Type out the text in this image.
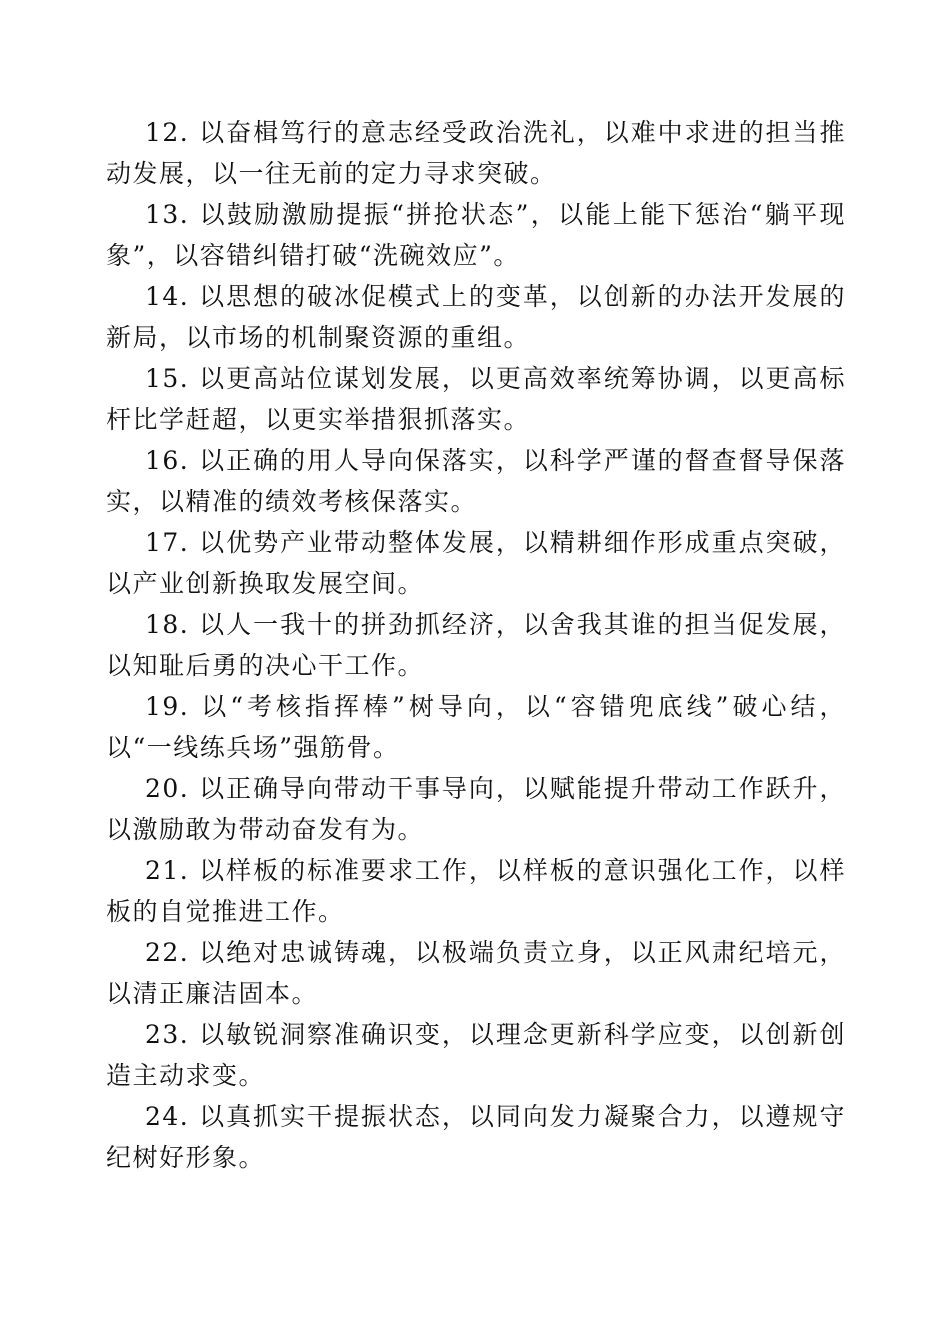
12. 以奋楫笃行的意志经受政治洗礼，以难中求进的担当推动发展，以一往无前的定力寻求突破。

13. 以鼓励激励提振“拼抢状态”，以能上能下惩治“躺平现象”，以容错纠错打破“洗碗效应”。

14. 以思想的破冰促模式上的变革，以创新的办法开发展的新局，以市场的机制聚资源的重组。

15. 以更高站位谋划发展，以更高效率统筹协调，以更高标杆比学赶超，以更实举措狠抓落实。

16. 以正确的用人导向保落实，以科学严谨的督查督导保落实，以精准的绩效考核保落实。

17. 以优势产业带动整体发展，以精耕细作形成重点突破，以产业创新换取发展空间。

18. 以人一我十的拼劲抓经济，以舍我其谁的担当促发展，以知耻后勇的决心干工作。

19. 以“考核指挥棒”树导向，以“容错兜底线”破心结，以“一线练兵场”强筋骨。

20. 以正确导向带动干事导向，以赋能提升带动工作跃升，以激励敢为带动奋发有为。

21. 以样板的标准要求工作，以样板的意识强化工作，以样板的自觉推进工作。

22. 以绝对忠诚铸魂，以极端负责立身，以正风肃纪培元，以清正廉洁固本。

23. 以敏锐洞察准确识变，以理念更新科学应变，以创新创造主动求变。

24. 以真抓实干提振状态，以同向发力凝聚合力，以遵规守纪树好形象。
